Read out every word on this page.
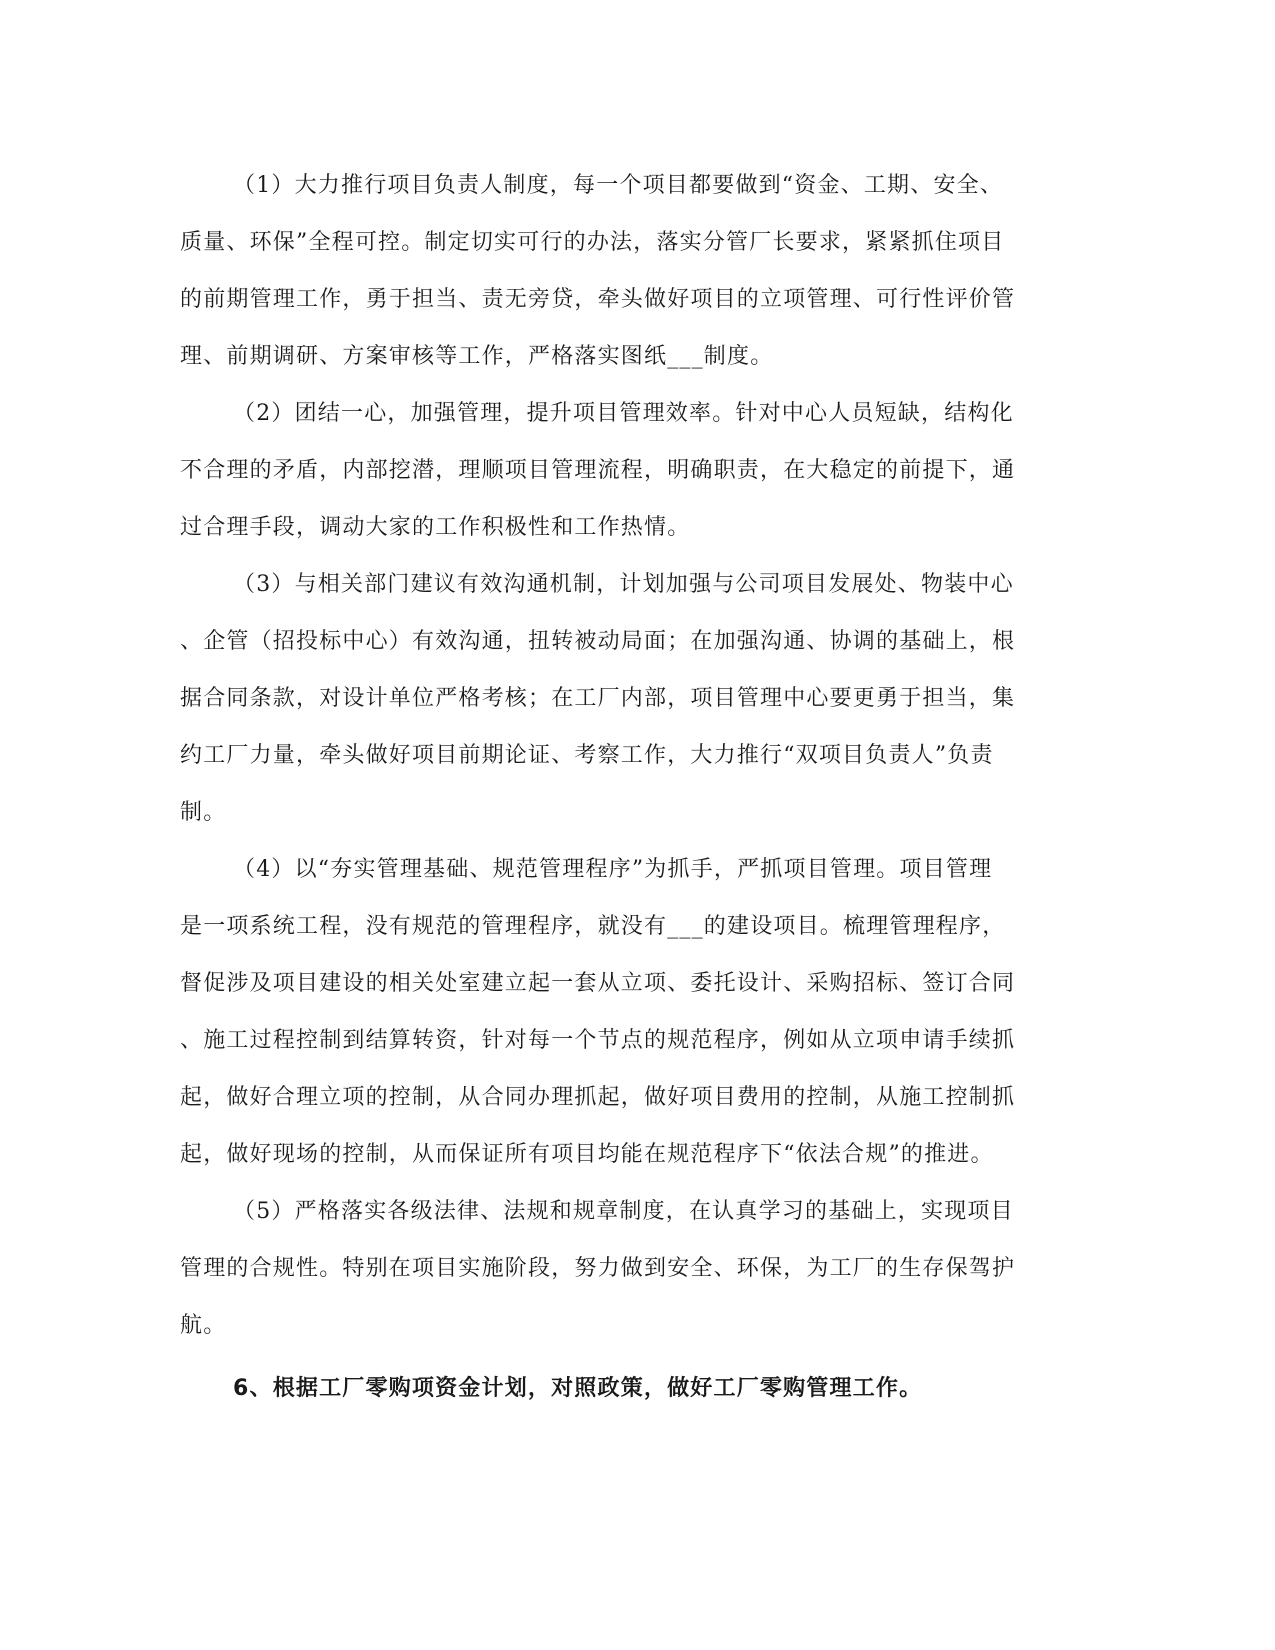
（1）大力推行项目负责人制度，每一个项目都要做到“资金、工期、安全、
质量、环保”全程可控。制定切实可行的办法，落实分管厂长要求，紧紧抓住项目
的前期管理工作，勇于担当、责无旁贷，牵头做好项目的立项管理、可行性评价管
理、前期调研、方案审核等工作，严格落实图纸___制度。
（2）团结一心，加强管理，提升项目管理效率。针对中心人员短缺，结构化
不合理的矛盾，内部挖潜，理顺项目管理流程，明确职责，在大稳定的前提下，通
过合理手段，调动大家的工作积极性和工作热情。
（3）与相关部门建议有效沟通机制，计划加强与公司项目发展处、物装中心
、企管（招投标中心）有效沟通，扭转被动局面；在加强沟通、协调的基础上，根
据合同条款，对设计单位严格考核；在工厂内部，项目管理中心要更勇于担当，集
约工厂力量，牵头做好项目前期论证、考察工作，大力推行“双项目负责人”负责
制。
（4）以“夯实管理基础、规范管理程序”为抓手，严抓项目管理。项目管理
是一项系统工程，没有规范的管理程序，就没有___的建设项目。梳理管理程序，
督促涉及项目建设的相关处室建立起一套从立项、委托设计、采购招标、签订合同
、施工过程控制到结算转资，针对每一个节点的规范程序，例如从立项申请手续抓
起，做好合理立项的控制，从合同办理抓起，做好项目费用的控制，从施工控制抓
起，做好现场的控制，从而保证所有项目均能在规范程序下“依法合规”的推进。
（5）严格落实各级法律、法规和规章制度，在认真学习的基础上，实现项目
管理的合规性。特别在项目实施阶段，努力做到安全、环保，为工厂的生存保驾护
航。
6、根据工厂零购项资金计划，对照政策，做好工厂零购管理工作。
